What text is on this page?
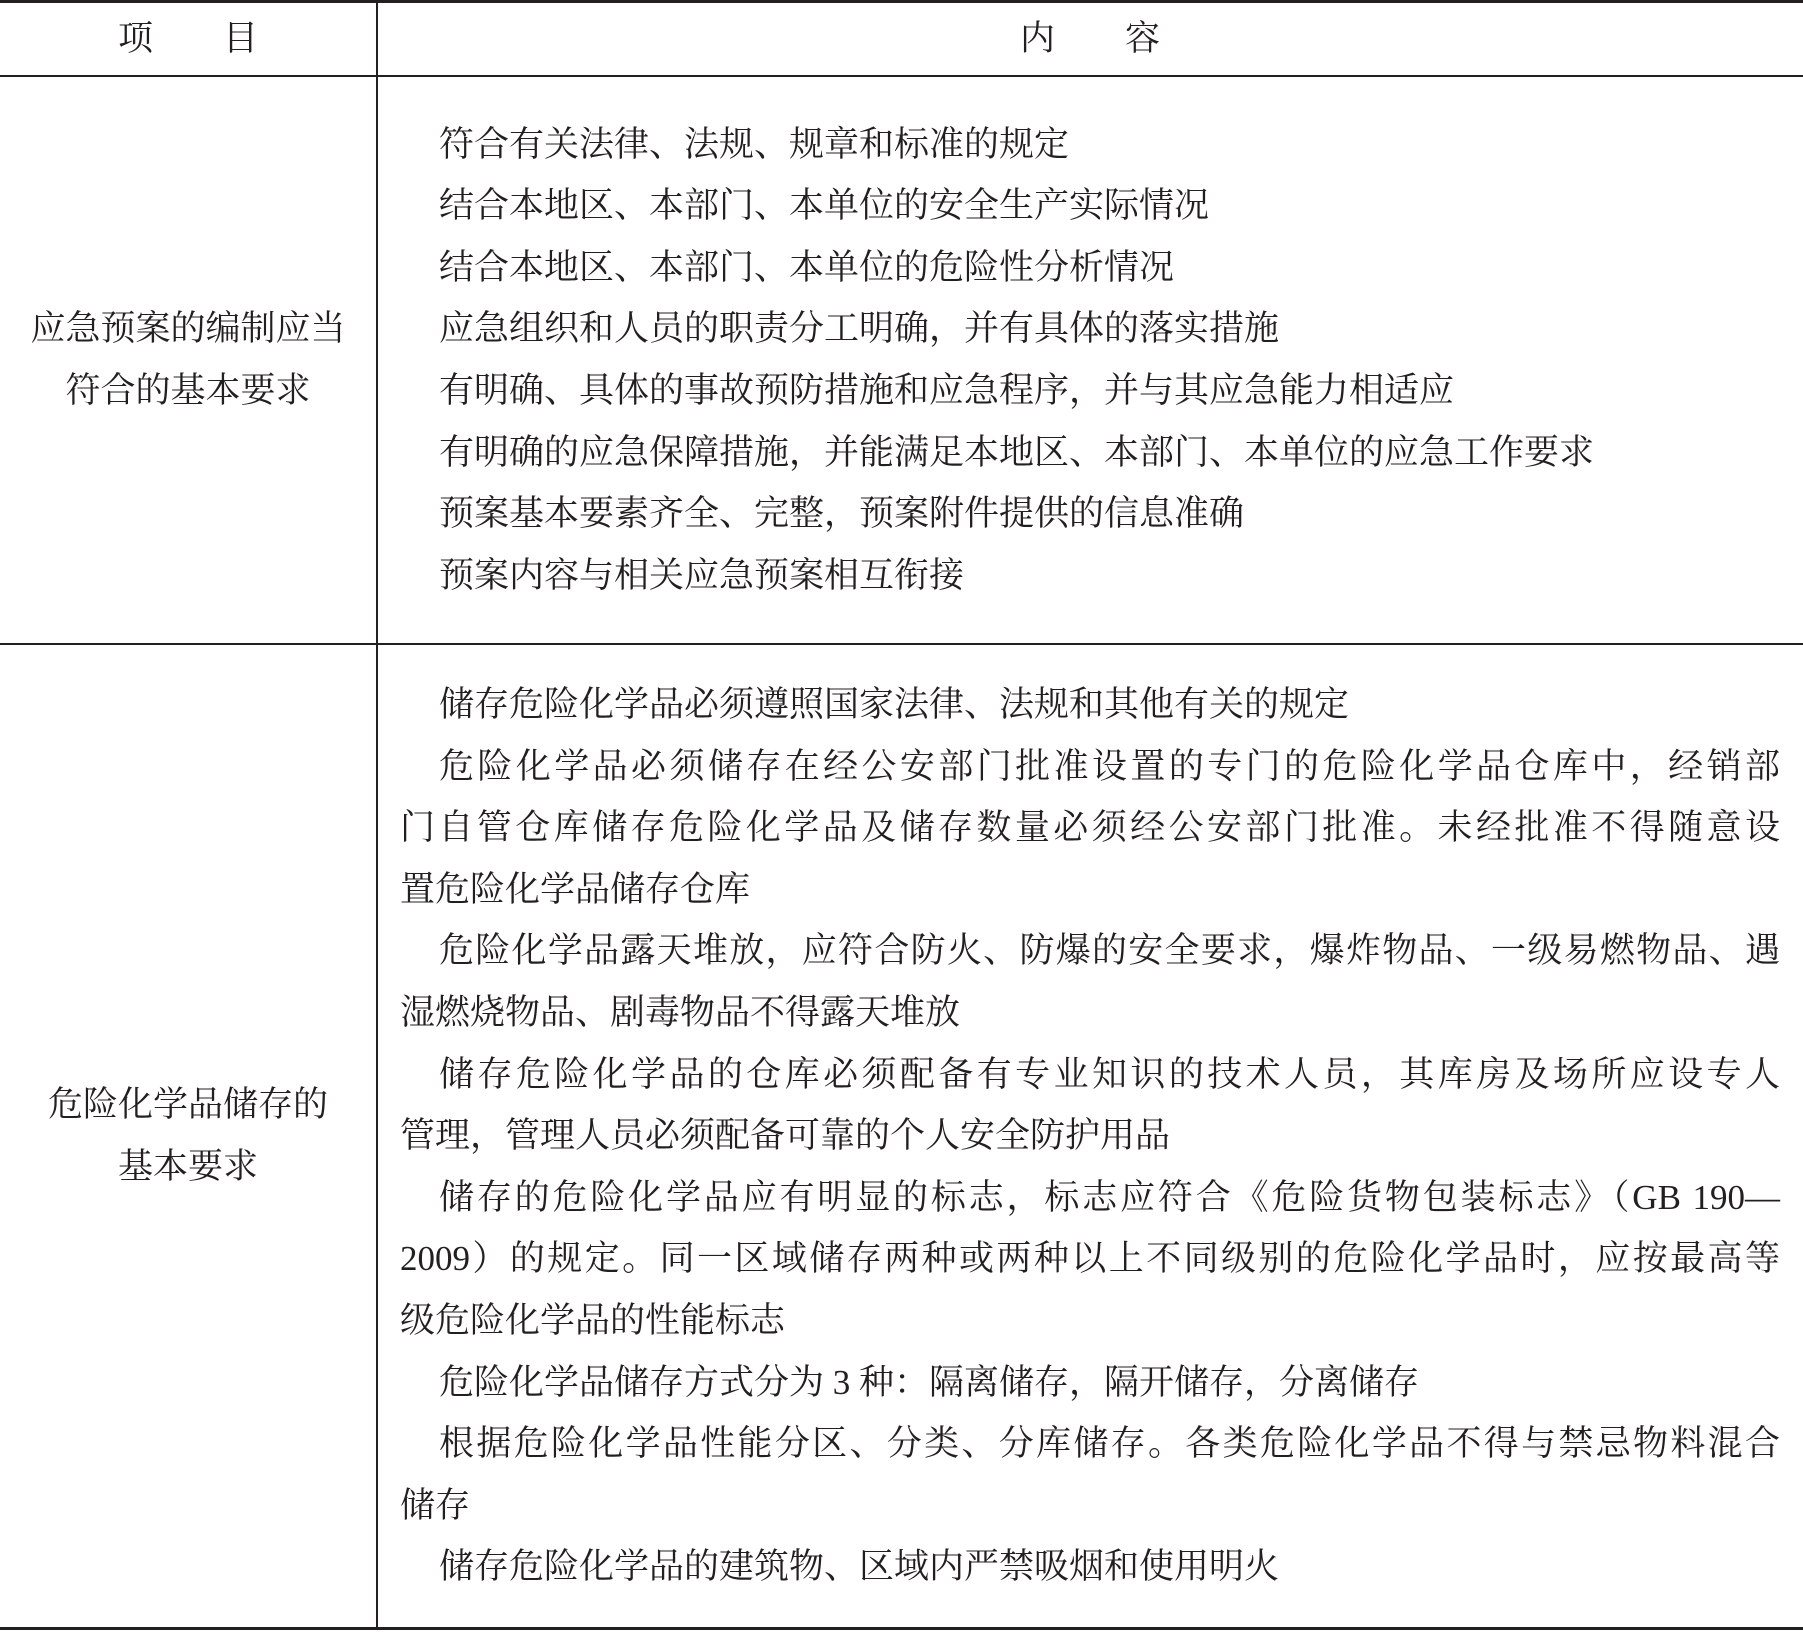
项　　目	内　　容
应急预案的编制应当
符合的基本要求
符合有关法律、法规、规章和标准的规定
结合本地区、本部门、本单位的安全生产实际情况
结合本地区、本部门、本单位的危险性分析情况
应急组织和人员的职责分工明确，并有具体的落实措施
有明确、具体的事故预防措施和应急程序，并与其应急能力相适应
有明确的应急保障措施，并能满足本地区、本部门、本单位的应急工作要求
预案基本要素齐全、完整，预案附件提供的信息准确
预案内容与相关应急预案相互衔接
危险化学品储存的
基本要求
储存危险化学品必须遵照国家法律、法规和其他有关的规定
危险化学品必须储存在经公安部门批准设置的专门的危险化学品仓库中，经销部
门自管仓库储存危险化学品及储存数量必须经公安部门批准。未经批准不得随意设
置危险化学品储存仓库
危险化学品露天堆放，应符合防火、防爆的安全要求，爆炸物品、一级易燃物品、遇
湿燃烧物品、剧毒物品不得露天堆放
储存危险化学品的仓库必须配备有专业知识的技术人员，其库房及场所应设专人
管理，管理人员必须配备可靠的个人安全防护用品
储存的危险化学品应有明显的标志，标志应符合《危险货物包装标志》（GB 190—
2009）的规定。同一区域储存两种或两种以上不同级别的危险化学品时，应按最高等
级危险化学品的性能标志
危险化学品储存方式分为 3 种：隔离储存，隔开储存，分离储存
根据危险化学品性能分区、分类、分库储存。各类危险化学品不得与禁忌物料混合
储存
储存危险化学品的建筑物、区域内严禁吸烟和使用明火
